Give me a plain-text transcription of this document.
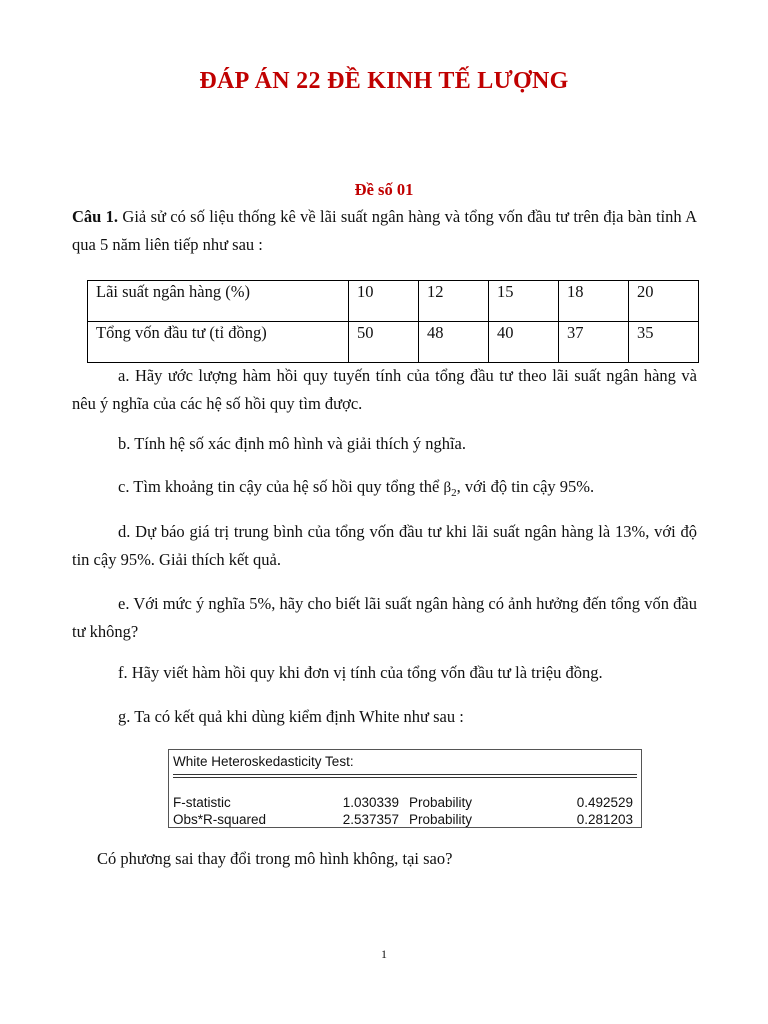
ĐÁP ÁN 22 ĐỀ KINH TẾ LƯỢNG
Đề số 01
Câu 1. Giả sử có số liệu thống kê về lãi suất ngân hàng và tổng vốn đầu tư trên địa bàn tỉnh A qua 5 năm liên tiếp như sau :
Lãi suất ngân hàng (%)	10	12	15	18	20
Tổng vốn đầu tư (tỉ đồng)	50	48	40	37	35
a. Hãy ước lượng hàm hồi quy tuyến tính của tổng đầu tư theo lãi suất ngân hàng và nêu ý nghĩa của các hệ số hồi quy tìm được.
b. Tính hệ số xác định mô hình và giải thích ý nghĩa.
c. Tìm khoảng tin cậy của hệ số hồi quy tổng thể $\beta_2$, với độ tin cậy 95%.
d. Dự báo giá trị trung bình của tổng vốn đầu tư khi lãi suất ngân hàng là 13%, với độ tin cậy 95%. Giải thích kết quả.
e. Với mức ý nghĩa 5%, hãy cho biết lãi suất ngân hàng có ảnh hưởng đến tổng vốn đầu tư không?
f. Hãy viết hàm hồi quy khi đơn vị tính của tổng vốn đầu tư là triệu đồng.
g. Ta có kết quả khi dùng kiểm định White như sau :
White Heteroskedasticity Test:
F-statistic	1.030339 Probability	0.492529
Obs*R-squared	2.537357 Probability	0.281203
Có phương sai thay đổi trong mô hình không, tại sao?
1
